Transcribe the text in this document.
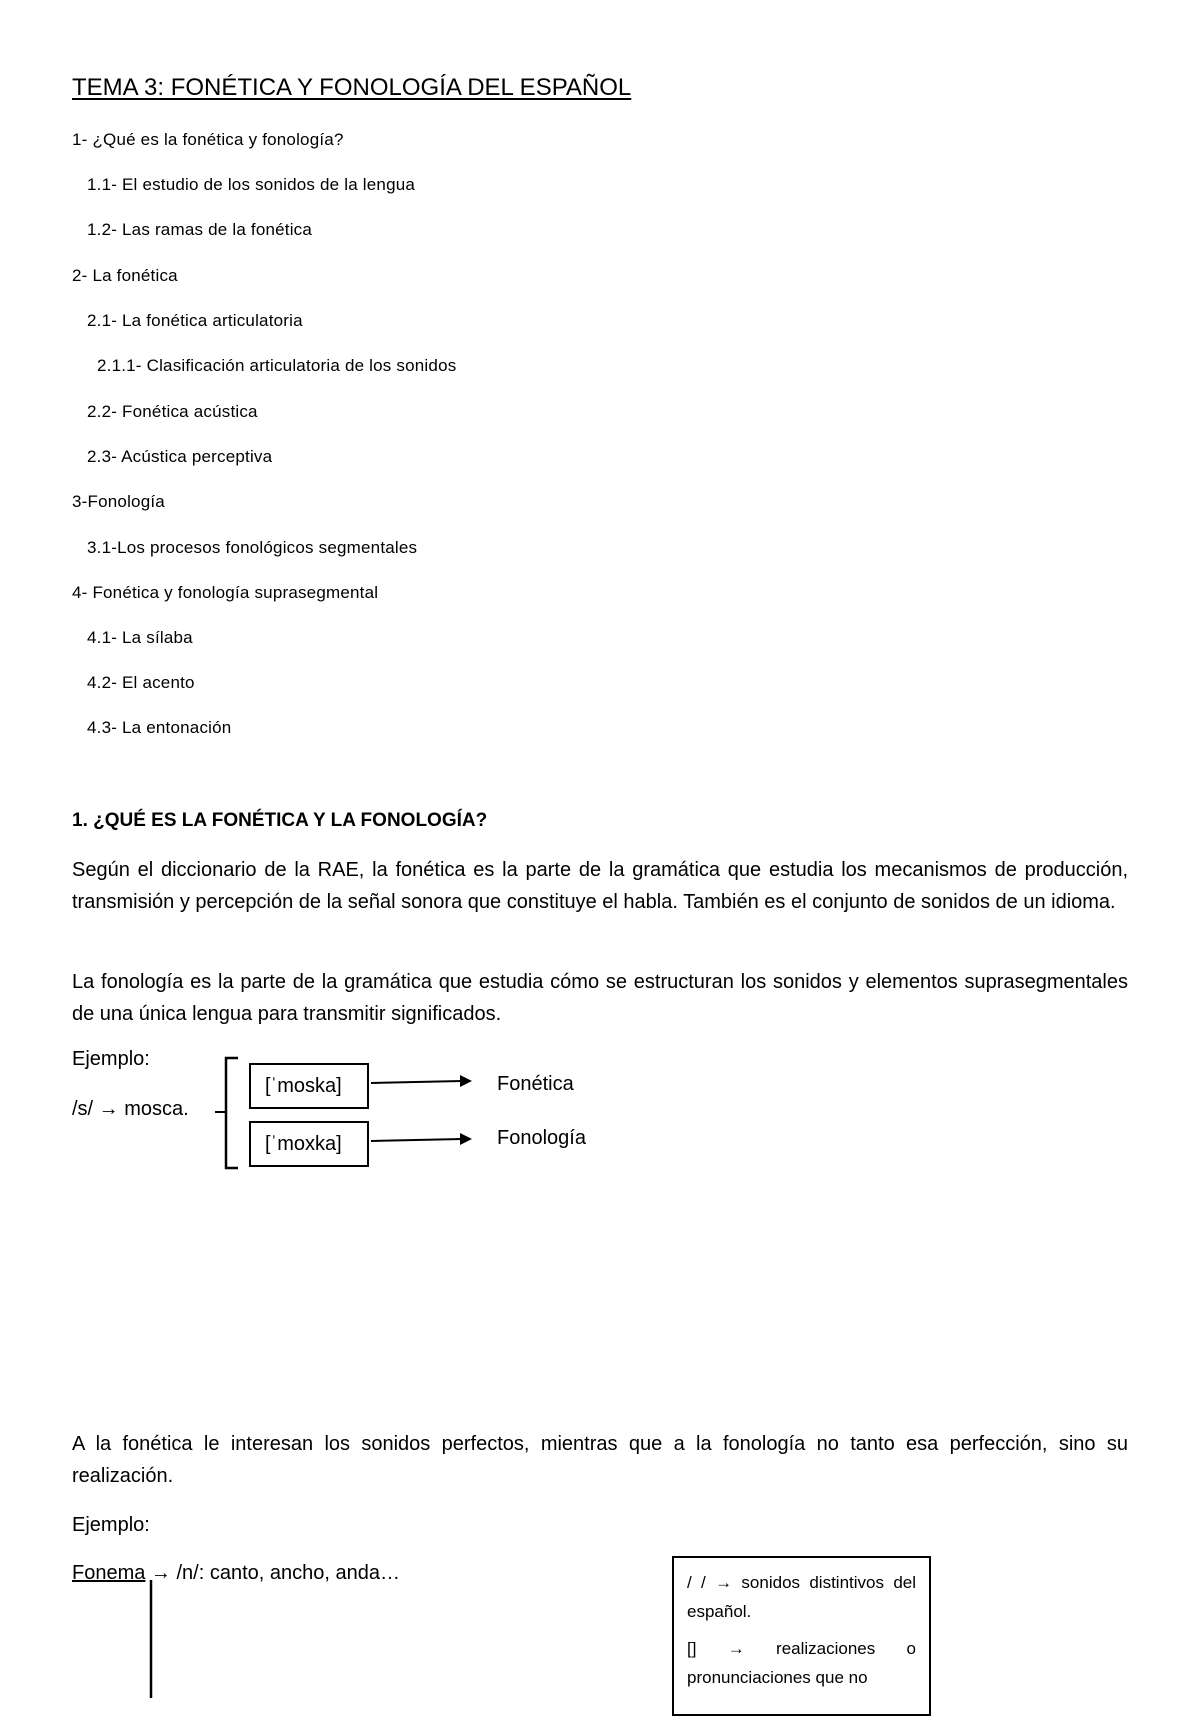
TEMA 3: FONÉTICA Y FONOLOGÍA DEL ESPAÑOL
1- ¿Qué es la fonética y fonología?
1.1- El estudio de los sonidos de la lengua
1.2- Las ramas de la fonética
2- La fonética
2.1- La fonética articulatoria
2.1.1- Clasificación articulatoria de los sonidos
2.2- Fonética acústica
2.3- Acústica perceptiva
3-Fonología
3.1-Los procesos fonológicos segmentales
4- Fonética y fonología suprasegmental
4.1- La sílaba
4.2- El acento
4.3- La entonación
1. ¿QUÉ ES LA FONÉTICA Y LA FONOLOGÍA?
Según el diccionario de la RAE, la fonética es la parte de la gramática que estudia los mecanismos de producción, transmisión y percepción de la señal sonora que constituye el habla. También es el conjunto de sonidos de un idioma.
La fonología es la parte de la gramática que estudia cómo se estructuran los sonidos y elementos suprasegmentales de una única lengua para transmitir significados.
Ejemplo:
/s/ → mosca.
[ˈmoska]
[ˈmoxka]
Fonética
Fonología
A la fonética le interesan los sonidos perfectos, mientras que a la fonología no tanto esa perfección, sino su realización.
Ejemplo:
Fonema → /n/: canto, ancho, anda…	/ / → sonidos distintivos del español.

[] → realizaciones o pronunciaciones que no
